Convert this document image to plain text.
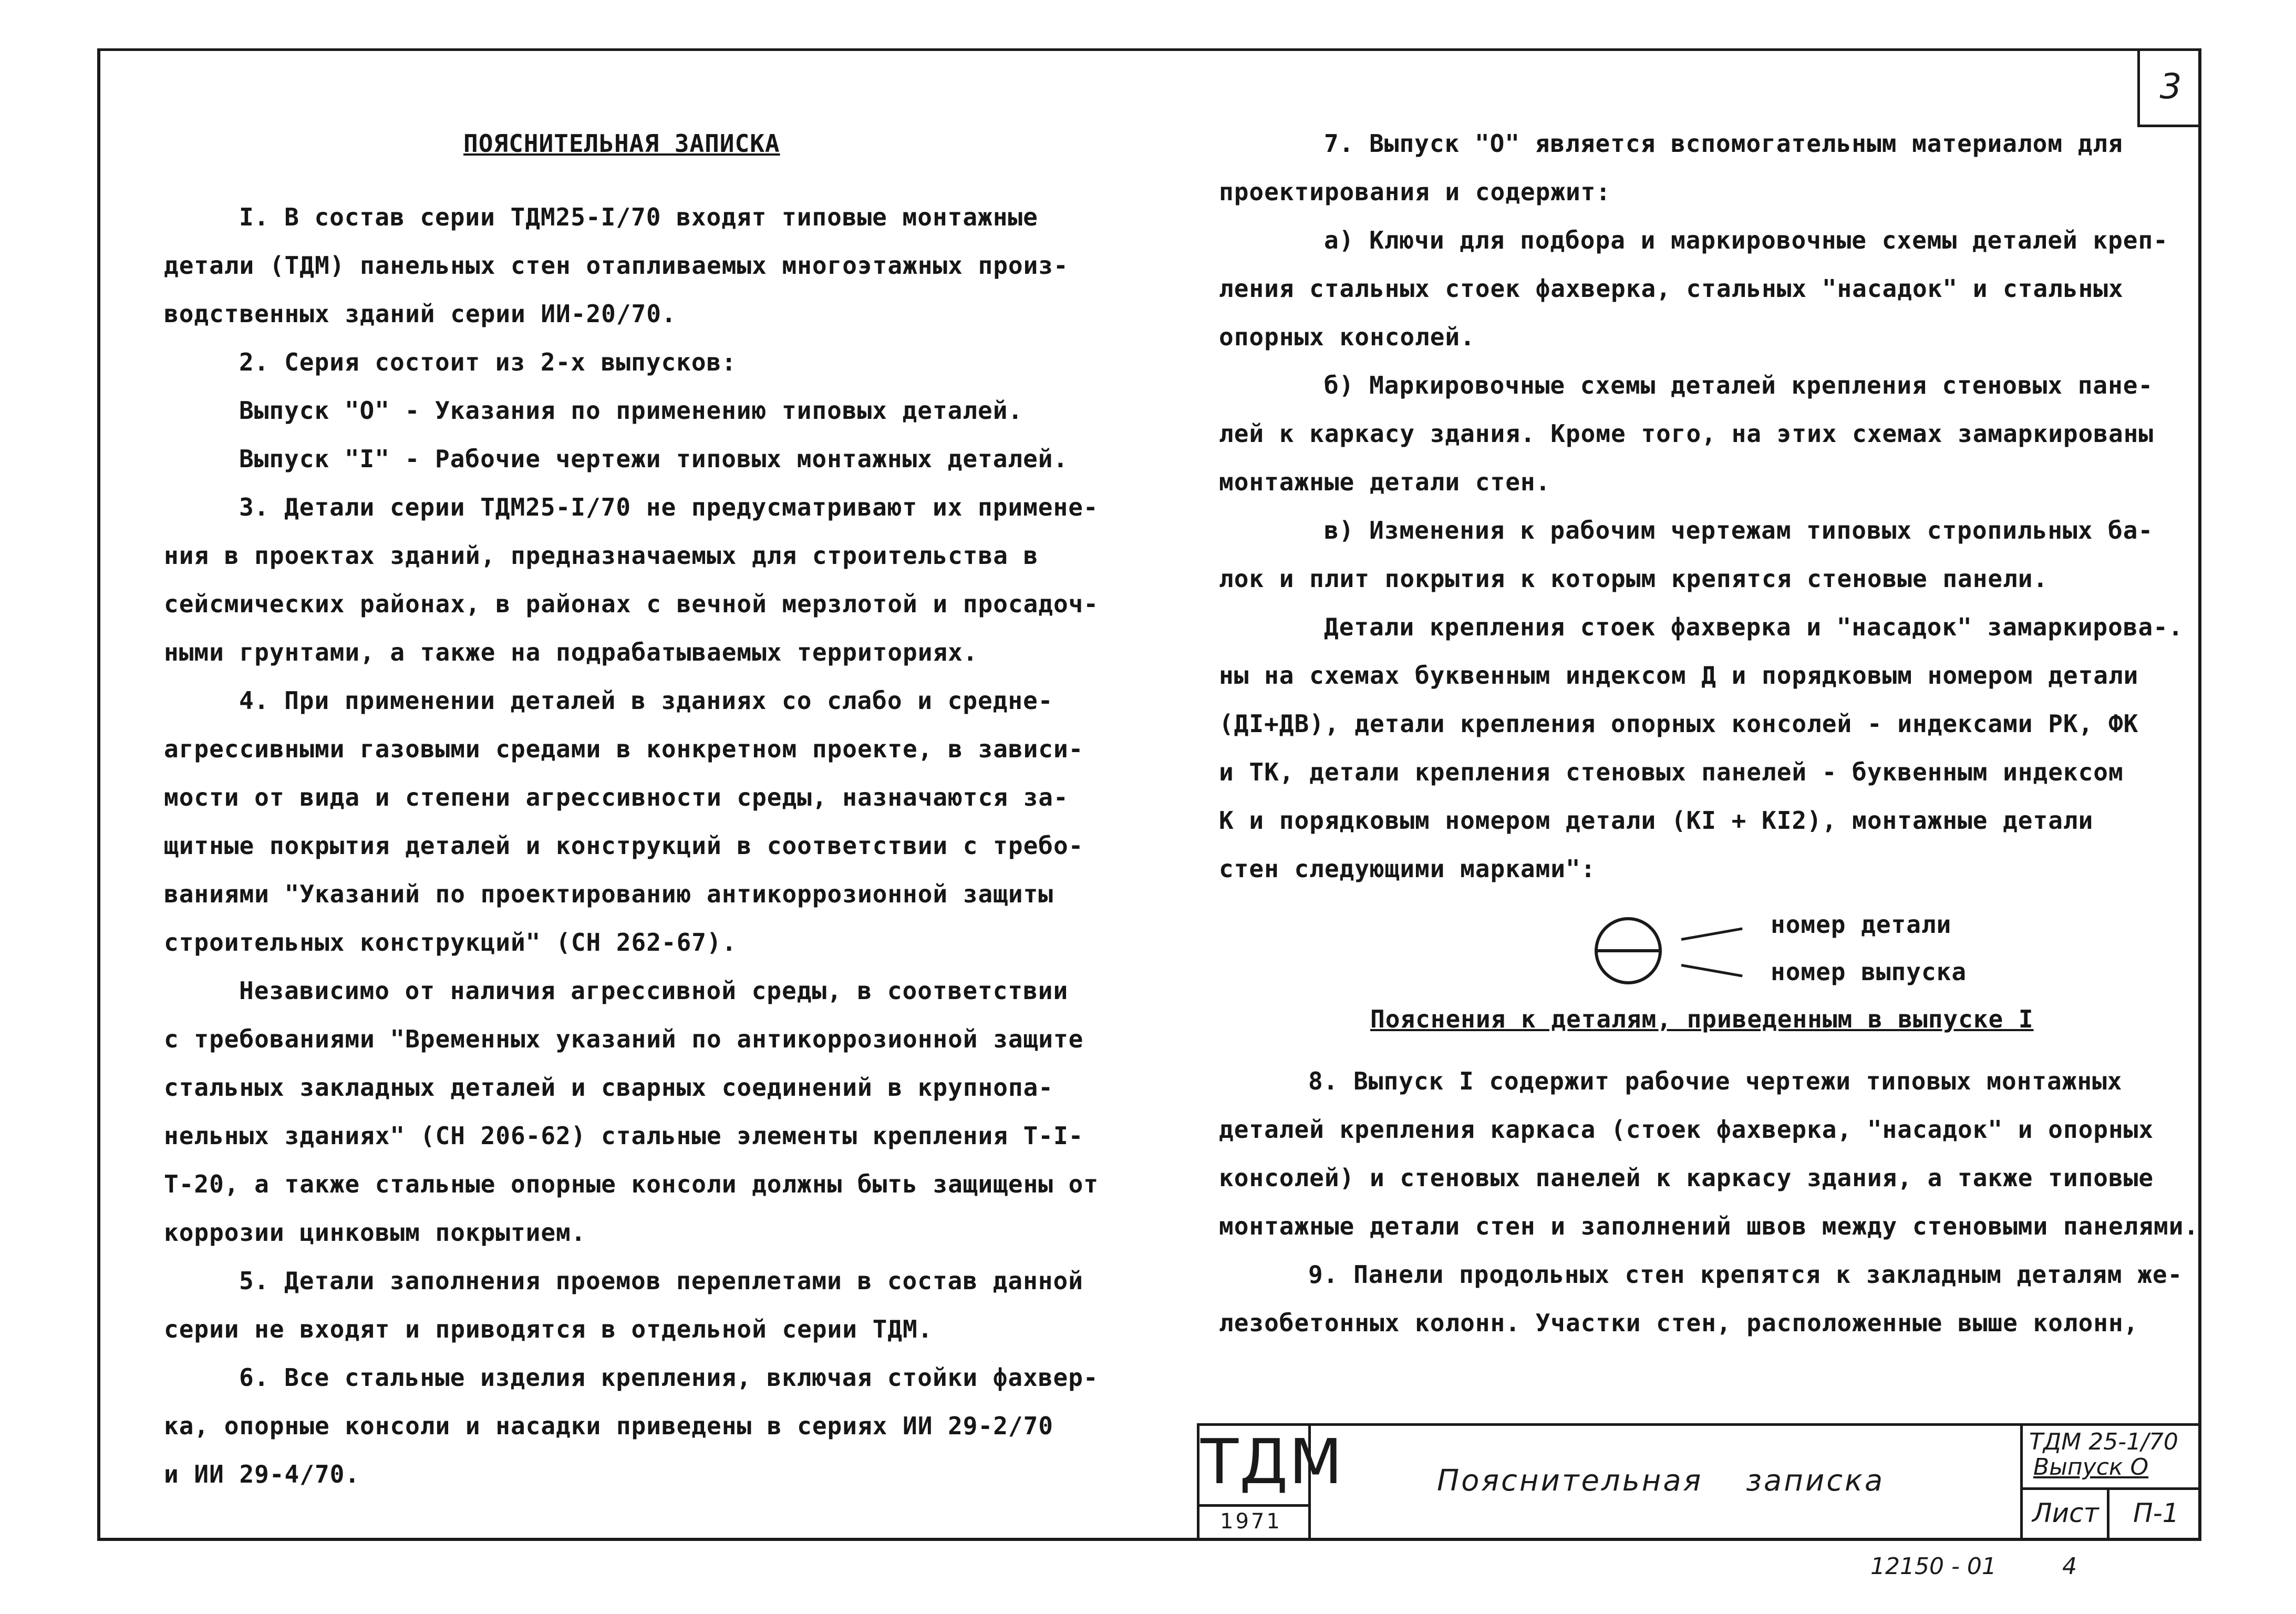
3

ПОЯСНИТЕЛЬНАЯ ЗАПИСКА

I. В состав серии ТДМ25-I/70 входят типовые монтажные

детали (ТДМ) панельных стен отапливаемых многоэтажных произ-

водственных зданий серии ИИ-20/70.

2. Серия состоит из 2-х выпусков:

Выпуск "О" - Указания по применению типовых деталей.

Выпуск "I" - Рабочие чертежи типовых монтажных деталей.

3. Детали серии ТДМ25-I/70 не предусматривают их примене-

ния в проектах зданий, предназначаемых для строительства в

сейсмических районах, в районах с вечной мерзлотой и просадоч-

ными грунтами, а также на подрабатываемых территориях.

4. При применении деталей в зданиях со слабо и средне-

агрессивными газовыми средами в конкретном проекте, в зависи-

мости от вида и степени агрессивности среды, назначаются за-

щитные покрытия деталей и конструкций в соответствии с требо-

ваниями "Указаний по проектированию антикоррозионной защиты

строительных конструкций" (СН 262-67).

Независимо от наличия агрессивной среды, в соответствии

с требованиями "Временных указаний по антикоррозионной защите

стальных закладных деталей и сварных соединений в крупнопа-

нельных зданиях" (СН 206-62) стальные элементы крепления Т-I-

Т-20, а также стальные опорные консоли должны быть защищены от

коррозии цинковым покрытием.

5. Детали заполнения проемов переплетами в состав данной

серии не входят и приводятся в отдельной серии ТДМ.

6. Все стальные изделия крепления, включая стойки фахвер-

ка, опорные консоли и насадки приведены в сериях ИИ 29-2/70

и ИИ 29-4/70.

7. Выпуск "О" является вспомогательным материалом для

проектирования и содержит:

а) Ключи для подбора и маркировочные схемы деталей креп-

ления стальных стоек фахверка, стальных "насадок" и стальных

опорных консолей.

б) Маркировочные схемы деталей крепления стеновых пане-

лей к каркасу здания. Кроме того, на этих схемах замаркированы

монтажные детали стен.

в) Изменения к рабочим чертежам типовых стропильных ба-

лок и плит покрытия к которым крепятся стеновые панели.

Детали крепления стоек фахверка и "насадок" замаркирова-.

ны на схемах буквенным индексом Д и порядковым номером детали

(ДI+ДВ), детали крепления опорных консолей - индексами РК, ФК

и ТК, детали крепления стеновых панелей - буквенным индексом

К и порядковым номером детали (КI + КI2), монтажные детали

стен следующими марками":

номер детали

номер выпуска

Пояснения к деталям, приведенным в выпуске I

8. Выпуск I содержит рабочие чертежи типовых монтажных

деталей крепления каркаса (стоек фахверка, "насадок" и опорных

консолей) и стеновых панелей к каркасу здания, а также типовые

монтажные детали стен и заполнений швов между стеновыми панелями.

9. Панели продольных стен крепятся к закладным деталям же-

лезобетонных колонн. Участки стен, расположенные выше колонн,

ТДМ
1971
Пояснительная записка
ТДМ 25-1/70
Выпуск О
Лист П-1
12150 - 01	4
